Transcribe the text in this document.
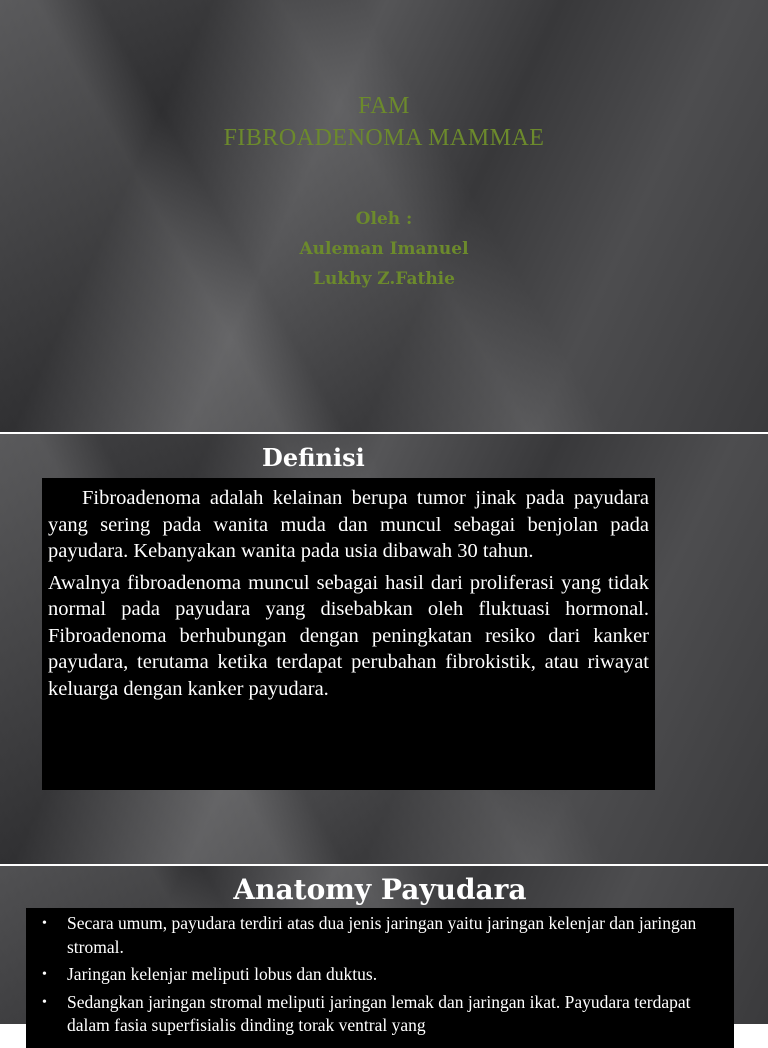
FAM
FIBROADENOMA MAMMAE
Oleh :
Auleman Imanuel
Lukhy Z.Fathie
Definisi

Fibroadenoma adalah kelainan berupa tumor jinak pada payudara yang sering pada wanita muda dan muncul sebagai benjolan pada payudara. Kebanyakan wanita pada usia dibawah 30 tahun.

Awalnya fibroadenoma muncul sebagai hasil dari proliferasi yang tidak normal pada payudara yang disebabkan oleh fluktuasi hormonal. Fibroadenoma berhubungan dengan peningkatan resiko dari kanker payudara, terutama ketika terdapat perubahan fibrokistik, atau riwayat keluarga dengan kanker payudara.

Anatomy Payudara
• Secara umum, payudara terdiri atas dua jenis jaringan yaitu jaringan kelenjar dan jaringan stromal.
• Jaringan kelenjar meliputi lobus dan duktus.
• Sedangkan jaringan stromal meliputi jaringan lemak dan jaringan ikat. Payudara terdapat dalam fasia superfisialis dinding torak ventral yang
